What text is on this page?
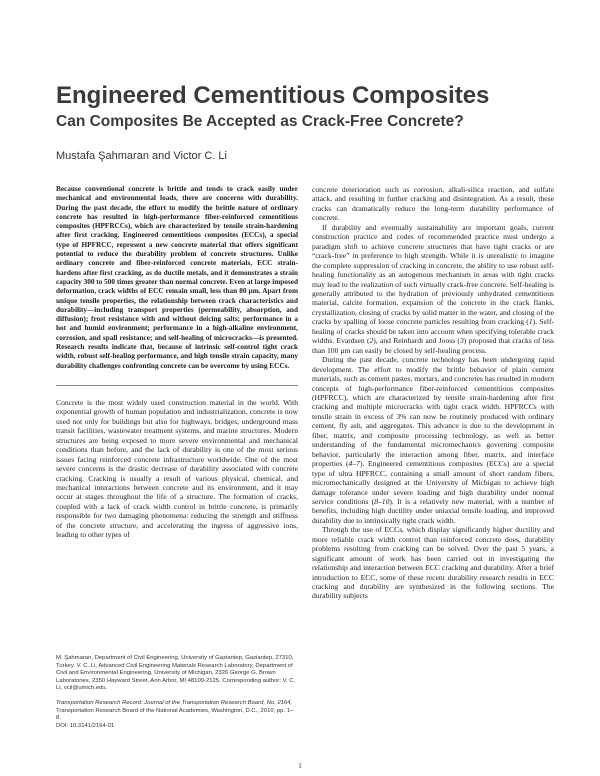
Engineered Cementitious Composites
Can Composites Be Accepted as Crack-Free Concrete?
Mustafa Şahmaran and Victor C. Li

Because conventional concrete is brittle and tends to crack easily under mechanical and environmental loads, there are concerns with durability. During the past decade, the effort to modify the brittle nature of ordinary concrete has resulted in high-performance fiber-reinforced cementitious composites (HPFRCCs), which are characterized by tensile strain-hardening after first cracking. Engineered cementitious composites (ECCs), a special type of HPFRCC, represent a new concrete material that offers significant potential to reduce the durability problem of concrete structures. Unlike ordinary concrete and fiber-reinforced concrete materials, ECC strain-hardens after first cracking, as do ductile metals, and it demonstrates a strain capacity 300 to 500 times greater than normal concrete. Even at large imposed deformation, crack widths of ECC remain small, less than 80 µm. Apart from unique tensile properties, the relationship between crack characteristics and durability—including transport properties (permeability, absorption, and diffusion); frost resistance with and without deicing salts; performance in a hot and humid environment; performance in a high-alkaline environment, corrosion, and spall resistance; and self-healing of microcracks—is presented. Research results indicate that, because of intrinsic self-control tight crack width, robust self-healing performance, and high tensile strain capacity, many durability challenges confronting concrete can be overcome by using ECCs.

Concrete is the most widely used construction material in the world. With exponential growth of human population and industrialization, concrete is now used not only for buildings but also for highways, bridges, underground mass transit facilities, wastewater treatment systems, and marine structures. Modern structures are being exposed to more severe environmental and mechanical conditions than before, and the lack of durability is one of the most serious issues facing reinforced concrete infrastructure worldwide. One of the most severe concerns is the drastic decrease of durability associated with concrete cracking. Cracking is usually a result of various physical, chemical, and mechanical interactions between concrete and its environment, and it may occur at stages throughout the life of a structure. The formation of cracks, coupled with a lack of crack width control in brittle concrete, is primarily responsible for two damaging phenomena: reducing the strength and stiffness of the concrete structure, and accelerating the ingress of aggressive ions, leading to other types of

concrete deterioration such as corrosion, alkali-silica reaction, and sulfate attack, and resulting in further cracking and disintegration. As a result, these cracks can dramatically reduce the long-term durability performance of concrete.

If durability and eventually sustainability are important goals, current construction practice and codes of recommended practice must undergo a paradigm shift to achieve concrete structures that have tight cracks or are “crack-free” in preference to high strength. While it is unrealistic to imagine the complete suppression of cracking in concrete, the ability to use robust self-healing functionality as an autogenous mechanism in areas with tight cracks may lead to the realization of such virtually crack-free concrete. Self-healing is generally attributed to the hydration of previously unhydrated cementitious material, calcite formation, expansion of the concrete in the crack flanks, crystallization, closing of cracks by solid matter in the water, and closing of the cracks by spalling of loose concrete particles resulting from cracking (1). Self-healing of cracks should be taken into account when specifying tolerable crack widths. Evardsen (2), and Reinhardt and Jooss (3) proposed that cracks of less than 100 µm can easily be closed by self-healing process.

During the past decade, concrete technology has been undergoing rapid development. The effort to modify the brittle behavior of plain cement materials, such as cement pastes, mortars, and concretes has resulted in modern concepts of high-performance fiber-reinforced cementitious composites (HPFRCC), which are characterized by tensile strain-hardening after first cracking and multiple microcracks with tight crack width. HPFRCCs with tensile strain in excess of 3% can now be routinely produced with ordinary cement, fly ash, and aggregates. This advance is due to the development in fiber, matrix, and composite processing technology, as well as better understanding of the fundamental micromechanics governing composite behavior, particularly the interaction among fiber, matrix, and interface properties (4–7). Engineered cementitious composites (ECCs) are a special type of ultra HPFRCC, containing a small amount of short random fibers, micromechanically designed at the University of Michigan to achieve high damage tolerance under severe loading and high durability under normal service conditions (8–10). It is a relatively new material, with a number of benefits, including high ductility under uniaxial tensile loading, and improved durability due to intrinsically tight crack width.

Through the use of ECCs, which display significantly higher ductility and more reliable crack width control than reinforced concrete does, durability problems resulting from cracking can be solved. Over the past 5 years, a significant amount of work has been carried out in investigating the relationship and interaction between ECC cracking and durability. After a brief introduction to ECC, some of these recent durability research results in ECC cracking and durability are synthesized in the following sections. The durability subjects

M. Şahmaran, Department of Civil Engineering, University of Gaziantep, Gaziantep, 27310, Turkey. V. C. Li, Advanced Civil Engineering Materials Research Laboratory, Department of Civil and Environmental Engineering, University of Michigan, 2326 George G. Brown Laboratories, 2350 Hayward Street, Ann Arbor, MI 48109-2125. Corresponding author: V. C. Li, vcli@umich.edu.

Transportation Research Record: Journal of the Transportation Research Board, No. 2164, Transportation Research Board of the National Academies, Washington, D.C., 2010, pp. 1–8.
DOI: 10.3141/2164-01

1
